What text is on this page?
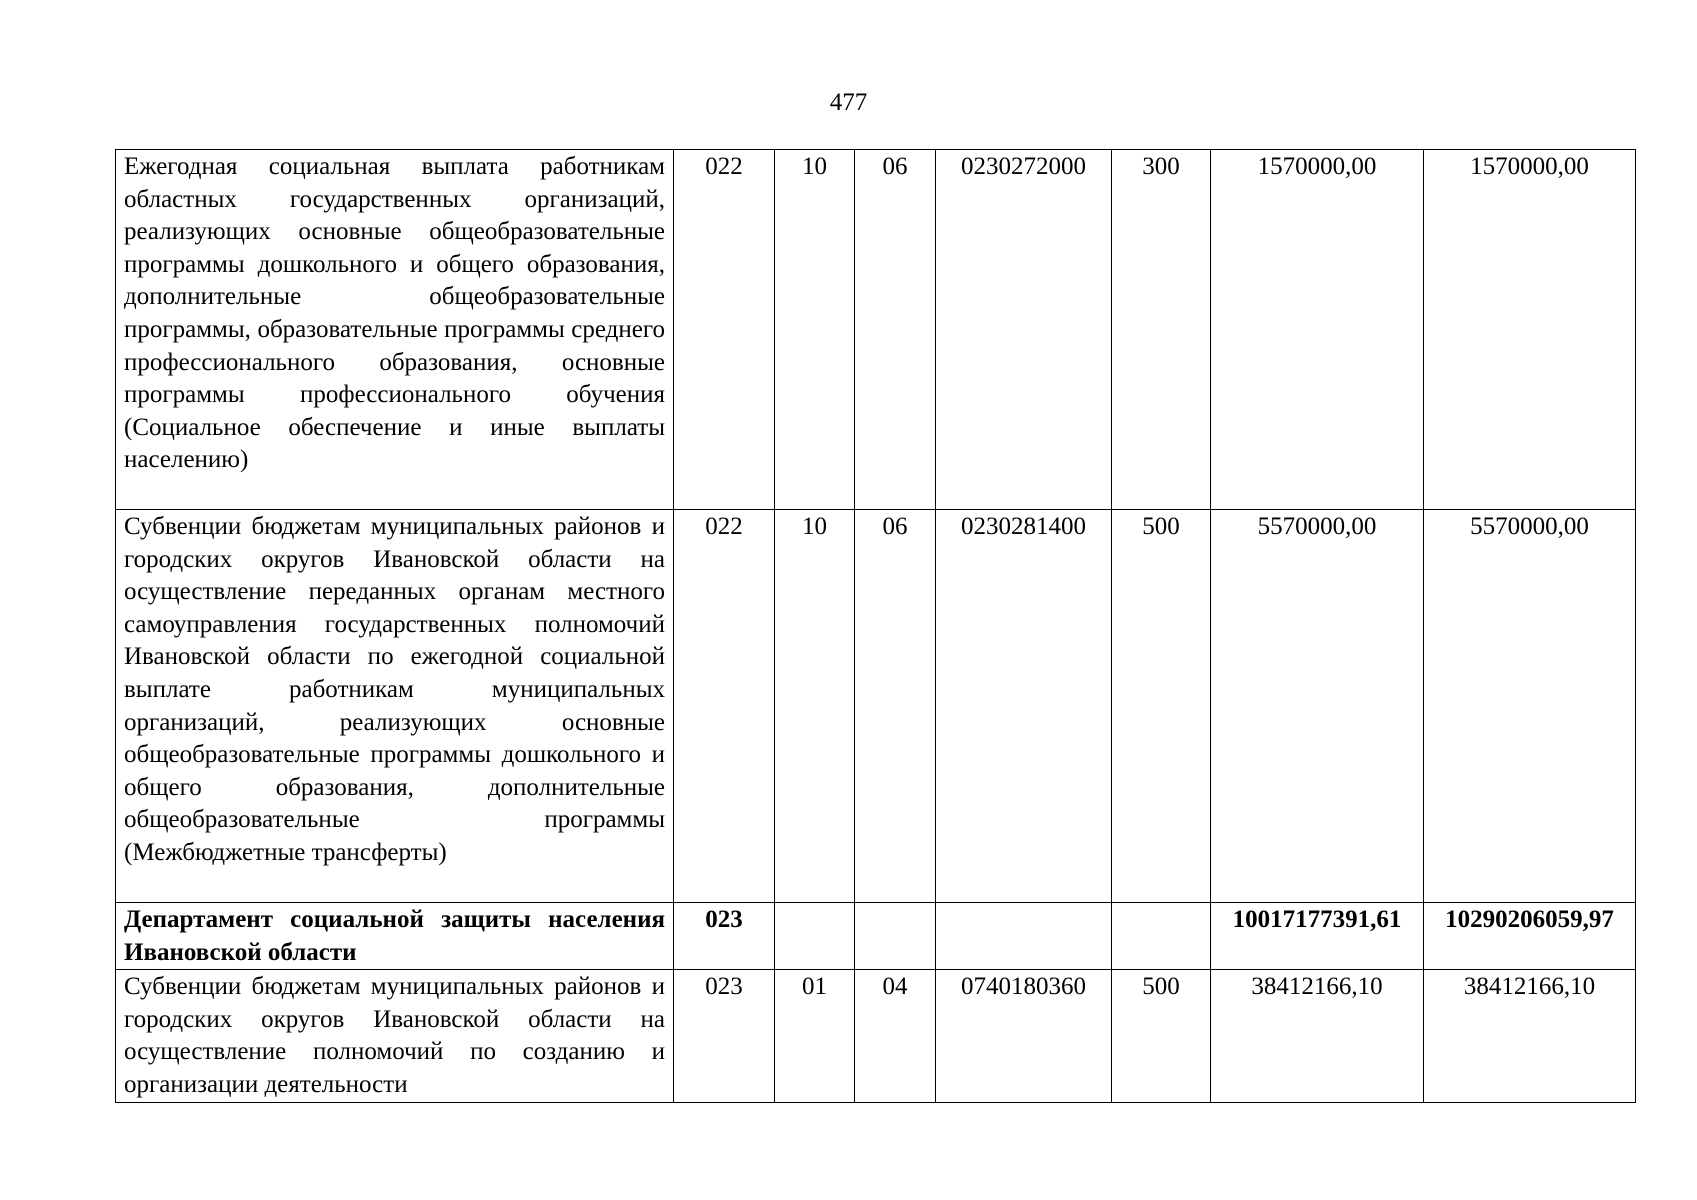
477
Ежегодная социальная выплата работникам областных государственных организаций, реализующих основные общеобразовательные программы дошкольного и общего образования, дополнительные общеобразовательные программы, образовательные программы среднего профессионального образования, основные программы профессионального обучения (Социальное обеспечение и иные выплаты населению)	022	10	06	0230272000	300	1570000,00	1570000,00
Субвенции бюджетам муниципальных районов и городских округов Ивановской области на осуществление переданных органам местного самоуправления государственных полномочий Ивановской области по ежегодной социальной выплате работникам муниципальных организаций, реализующих основные общеобразовательные программы дошкольного и общего образования, дополнительные общеобразовательные программы (Межбюджетные трансферты)	022	10	06	0230281400	500	5570000,00	5570000,00
Департамент социальной защиты населения Ивановской области	023					10017177391,61	10290206059,97
Субвенции бюджетам муниципальных районов и городских округов Ивановской области на осуществление полномочий по созданию и организации деятельности	023	01	04	0740180360	500	38412166,10	38412166,10
